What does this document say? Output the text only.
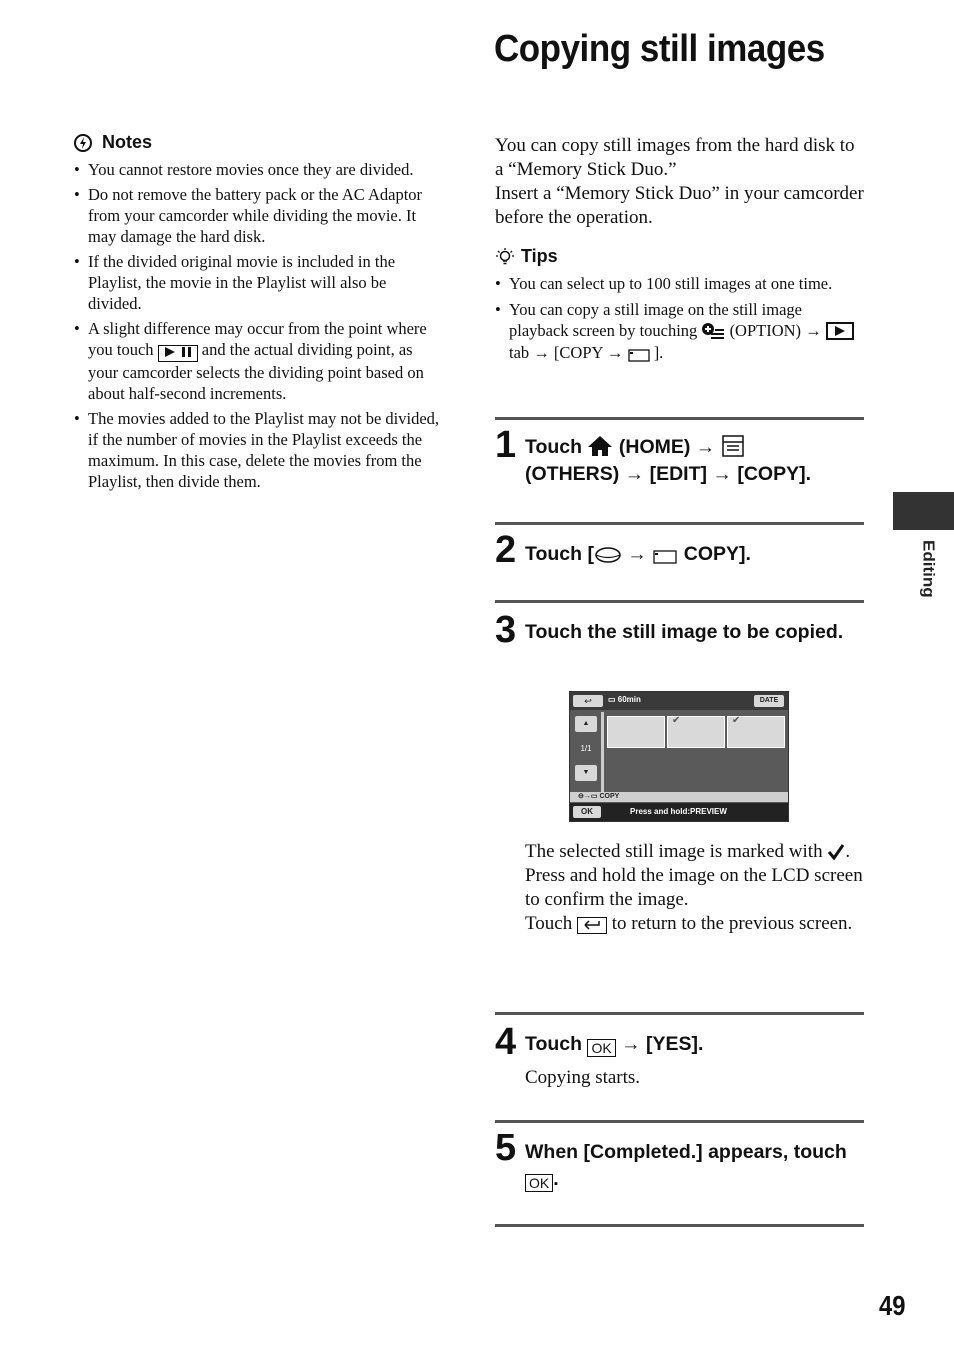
Copying still images
Notes
• You cannot restore movies once they are divided.
• Do not remove the battery pack or the AC Adaptor from your camcorder while dividing the movie. It may damage the hard disk.
• If the divided original movie is included in the Playlist, the movie in the Playlist will also be divided.
• A slight difference may occur from the point where you touch	and the actual dividing point, as your camcorder selects the dividing point based on about half-second increments.
• The movies added to the Playlist may not be divided, if the number of movies in the Playlist exceeds the maximum. In this case, delete the movies from the Playlist, then divide them.
You can copy still images from the hard disk to a “Memory Stick Duo.”
Insert a “Memory Stick Duo” in your camcorder before the operation.
Tips
• You can select up to 100 still images at one time.
• You can copy a still image on the still image playback screen by touching (OPTION) →  tab → [COPY → ].
1 Touch (HOME) →
(OTHERS) → [EDIT] → [COPY].
2 Touch [ → COPY].
3 Touch the still image to be copied.
The selected still image is marked with .
Press and hold the image on the LCD screen to confirm the image.
Touch to return to the previous screen.
↩	▭ 60min	DATE
▲
1/1
▼
✔	✔
⊖→▭ COPY
OK	Press and hold:PREVIEW
4 Touch OK → [YES].
Copying starts.
5 When [Completed.] appears, touch OK .
Editing
49
